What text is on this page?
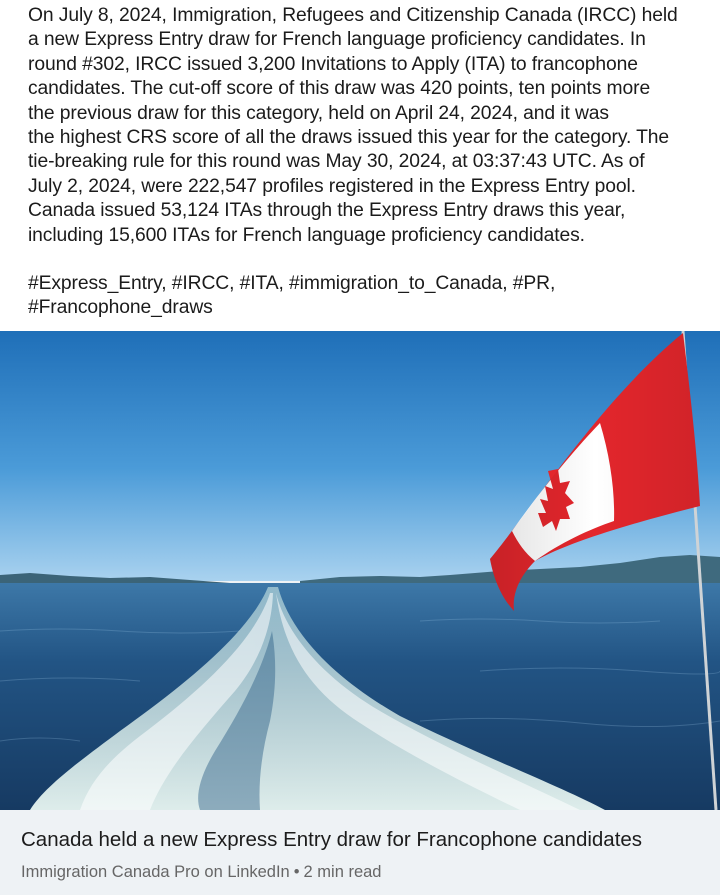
On July 8, 2024, Immigration, Refugees and Citizenship Canada (IRCC) held
a new Express Entry draw for French language proficiency candidates. In
round #302, IRCC issued 3,200 Invitations to Apply (ITA) to francophone
candidates. The cut-off score of this draw was 420 points, ten points more
the previous draw for this category, held on April 24, 2024, and it was
the highest CRS score of all the draws issued this year for the category. The
tie-breaking rule for this round was May 30, 2024, at 03:37:43 UTC. As of
July 2, 2024, were 222,547 profiles registered in the Express Entry pool.
Canada issued 53,124 ITAs through the Express Entry draws this year,
including 15,600 ITAs for French language proficiency candidates.

#Express_Entry, #IRCC, #ITA, #immigration_to_Canada, #PR,
#Francophone_draws

Canada held a new Express Entry draw for Francophone candidates
Immigration Canada Pro on LinkedIn • 2 min read
